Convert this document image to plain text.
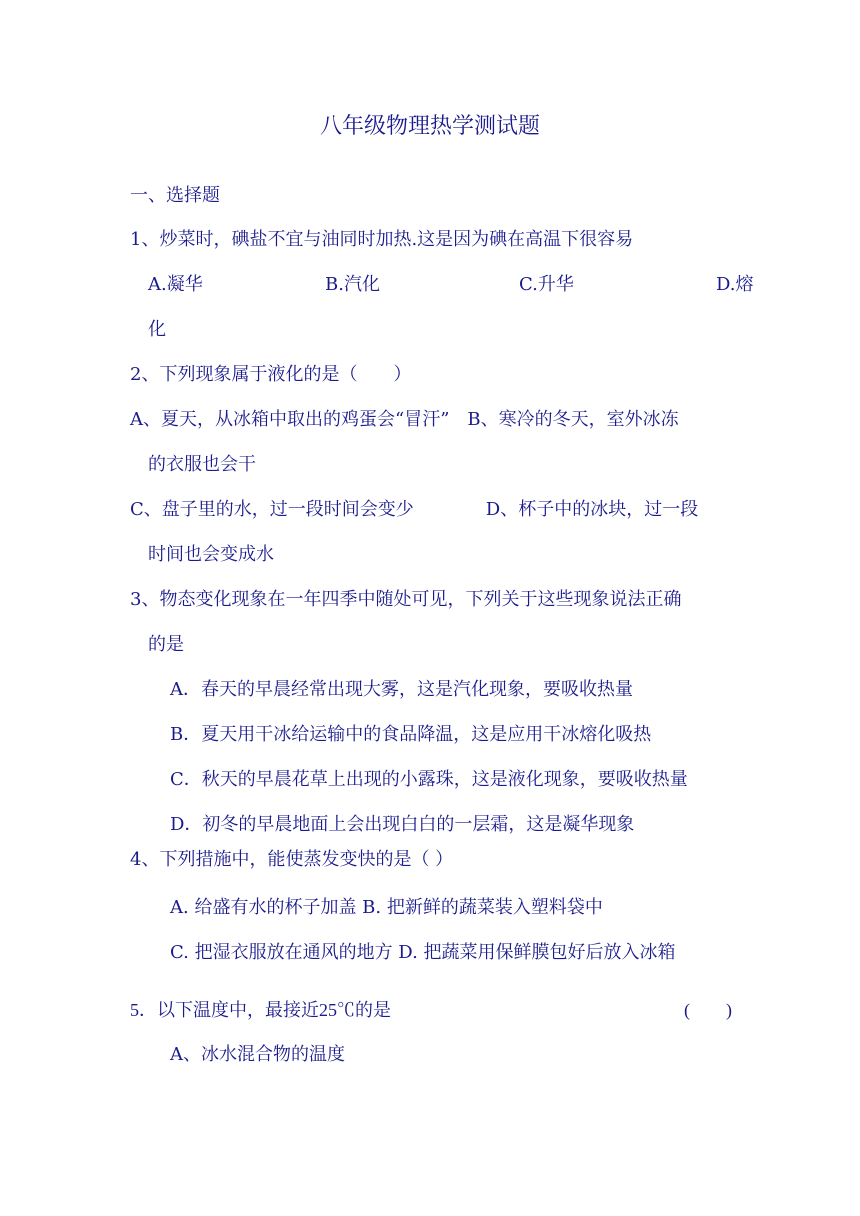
八年级物理热学测试题
一、选择题
1、炒菜时，碘盐不宜与油同时加热.这是因为碘在高温下很容易
A.凝华	B.汽化	C.升华	D.熔
化
2、下列现象属于液化的是（　　）
A、夏天，从冰箱中取出的鸡蛋会“冒汗”　B、寒冷的冬天，室外冰冻
的衣服也会干
C、盘子里的水，过一段时间会变少　　　　D、杯子中的冰块，过一段
时间也会变成水
3、物态变化现象在一年四季中随处可见，下列关于这些现象说法正确
的是
A．春天的早晨经常出现大雾，这是汽化现象，要吸收热量
B．夏天用干冰给运输中的食品降温，这是应用干冰熔化吸热
C．秋天的早晨花草上出现的小露珠，这是液化现象，要吸收热量
D．初冬的早晨地面上会出现白白的一层霜，这是凝华现象
4、下列措施中，能使蒸发变快的是（ ）
A. 给盛有水的杯子加盖 B. 把新鲜的蔬菜装入塑料袋中
C. 把湿衣服放在通风的地方 D. 把蔬菜用保鲜膜包好后放入冰箱
5．以下温度中，最接近25℃的是	(　　)
A、冰水混合物的温度
